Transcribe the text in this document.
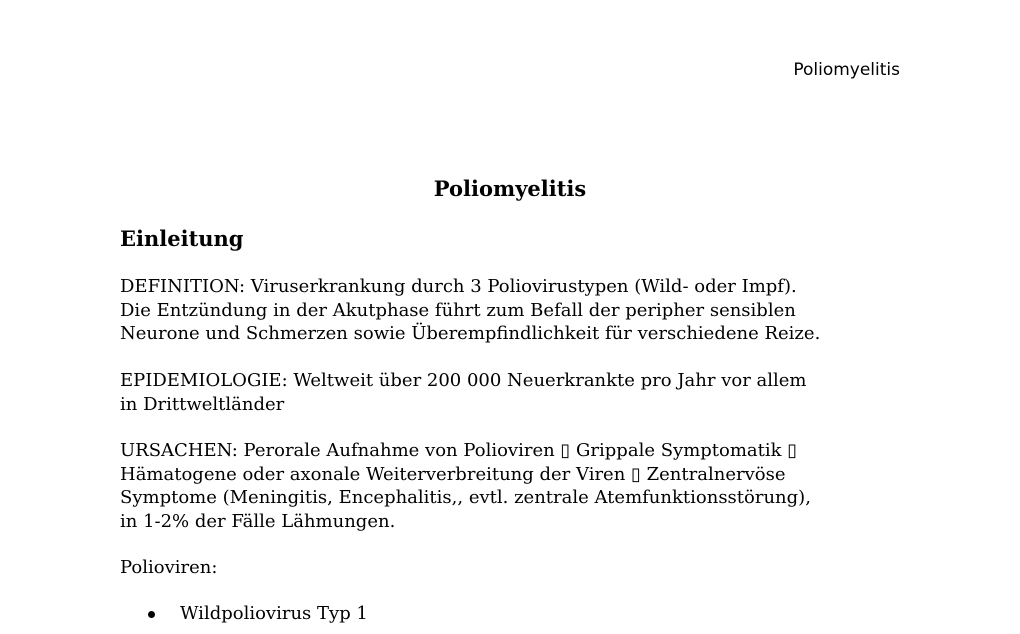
Poliomyelitis
Poliomyelitis
Einleitung

DEFINITION: Viruserkrankung durch 3 Poliovirustypen (Wild- oder Impf).
Die Entzündung in der Akutphase führt zum Befall der peripher sensiblen
Neurone und Schmerzen sowie Überempfindlichkeit für verschiedene Reize.

EPIDEMIOLOGIE: Weltweit über 200 000 Neuerkrankte pro Jahr vor allem
in Drittweltländer

URSACHEN: Perorale Aufnahme von Polioviren ▯ Grippale Symptomatik ▯
Hämatogene oder axonale Weiterverbreitung der Viren ▯ Zentralnervöse
Symptome (Meningitis, Encephalitis,, evtl. zentrale Atemfunktionsstörung),
in 1-2% der Fälle Lähmungen.

Polioviren:

Wildpoliovirus Typ 1
